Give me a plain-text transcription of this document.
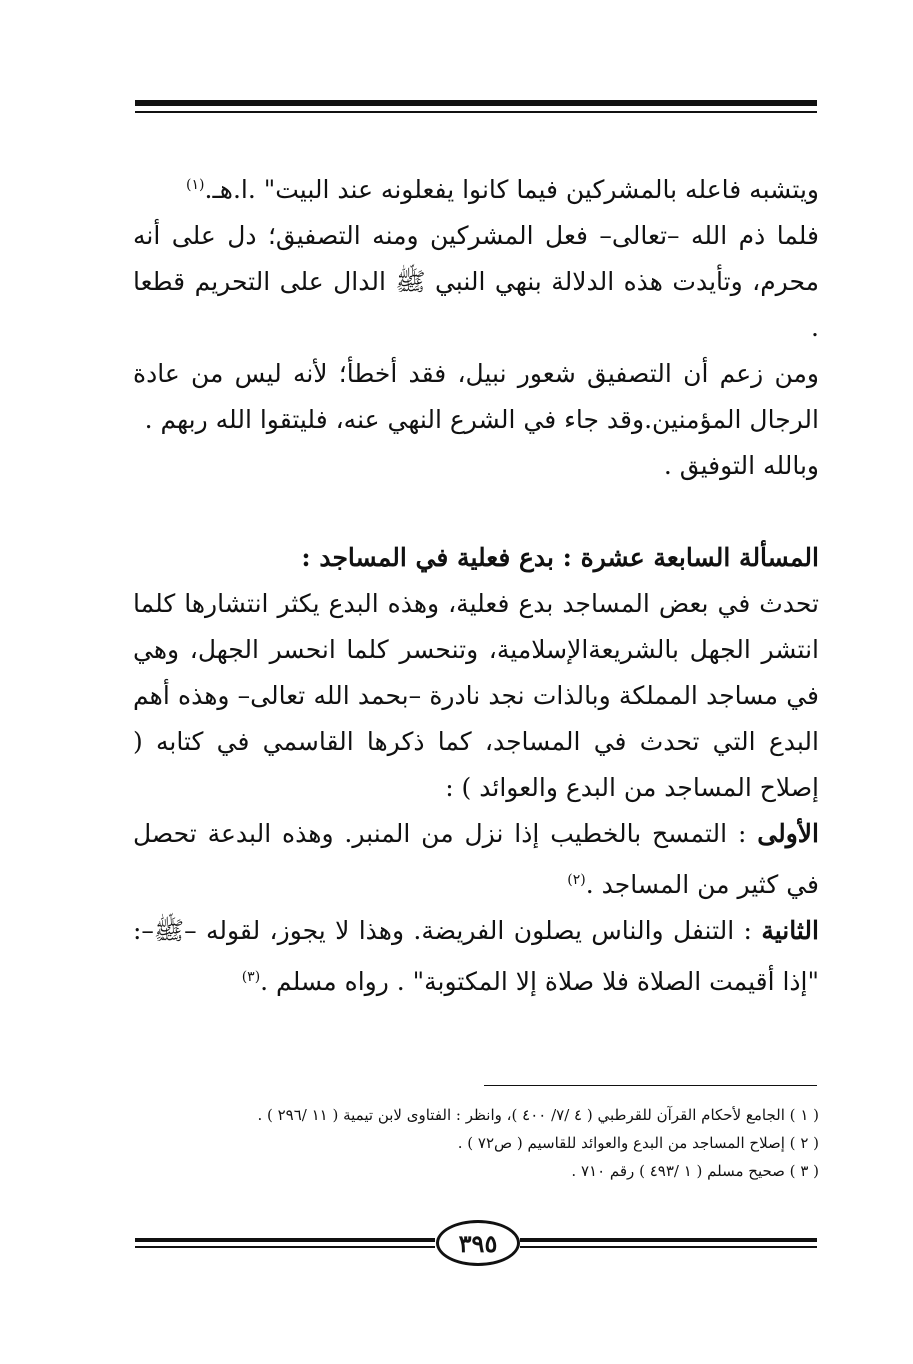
ويتشبه فاعله بالمشركين فيما كانوا يفعلونه عند البيت" .ا.هـ.$^{(١)}$

فلما ذم الله –تعالى– فعل المشركين ومنه التصفيق؛ دل على أنه محرم، وتأيدت هذه الدلالة بنهي النبي ﷺ الدال على التحريم قطعا .

ومن زعم أن التصفيق شعور نبيل، فقد أخطأ؛ لأنه ليس من عادة الرجال المؤمنين.وقد جاء في الشرع النهي عنه، فليتقوا الله ربهم .

وبالله التوفيق .

المسألة السابعة عشرة : بدع فعلية في المساجد :

تحدث في بعض المساجد بدع فعلية، وهذه البدع يكثر انتشارها كلما انتشر الجهل بالشريعةالإسلامية، وتنحسر كلما انحسر الجهل، وهي في مساجد المملكة وبالذات نجد نادرة –بحمد الله تعالى– وهذه أهم البدع التي تحدث في المساجد، كما ذكرها القاسمي في كتابه ( إصلاح المساجد من البدع والعوائد ) :

الأولى : التمسح بالخطيب إذا نزل من المنبر. وهذه البدعة تحصل في كثير من المساجد .$^{(٢)}$

الثانية : التنفل والناس يصلون الفريضة. وهذا لا يجوز، لقوله –ﷺ–: "إذا أقيمت الصلاة فلا صلاة إلا المكتوبة" . رواه مسلم .$^{(٣)}$

( ١ ) الجامع لأحكام القرآن للقرطبي ( ٤ /٧/ ٤٠٠ )، وانظر : الفتاوى لابن تيمية ( ١١ /٢٩٦ ) .
( ٢ ) إصلاح المساجد من البدع والعوائد للقاسيم ( ص٧٢ ) .
( ٣ ) صحيح مسلم ( ١ /٤٩٣ ) رقم ٧١٠ .
٣٩٥
